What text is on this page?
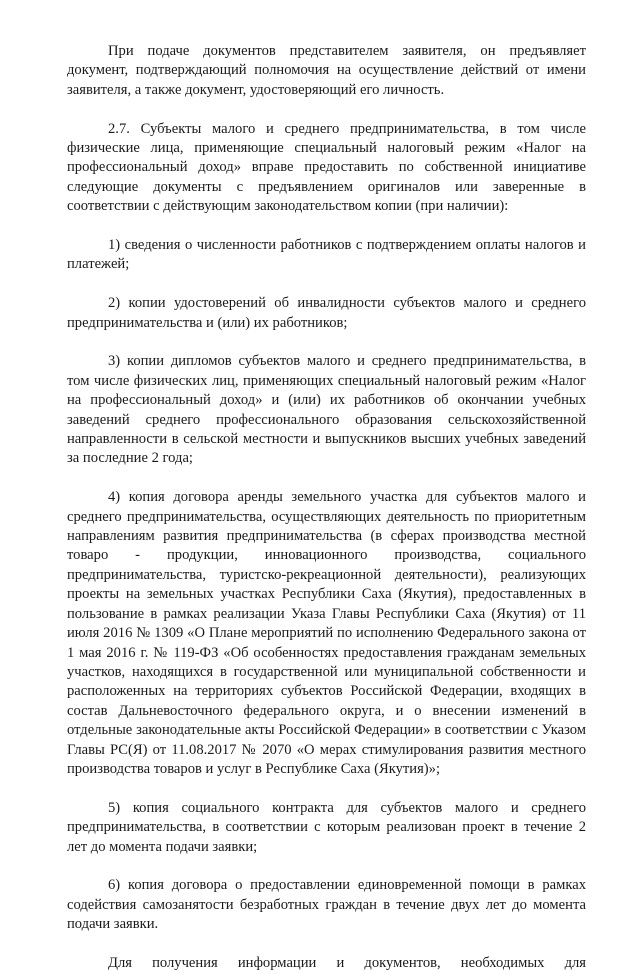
При подаче документов представителем заявителя, он предъявляет документ, подтверждающий полномочия на осуществление действий от имени заявителя, а также документ, удостоверяющий его личность.

2.7. Субъекты малого и среднего предпринимательства, в том числе физические лица, применяющие специальный налоговый режим «Налог на профессиональный доход» вправе предоставить по собственной инициативе следующие документы с предъявлением оригиналов или заверенные в соответствии с действующим законодательством копии (при наличии):

1) сведения о численности работников с подтверждением оплаты налогов и платежей;

2) копии удостоверений об инвалидности субъектов малого и среднего предпринимательства и (или) их работников;

3) копии дипломов субъектов малого и среднего предпринимательства, в том числе физических лиц, применяющих специальный налоговый режим «Налог на профессиональный доход» и (или) их работников об окончании учебных заведений среднего профессионального образования сельскохозяйственной направленности в сельской местности и выпускников высших учебных заведений за последние 2 года;

4) копия договора аренды земельного участка для субъектов малого и среднего предпринимательства, осуществляющих деятельность по приоритетным направлениям развития предпринимательства (в сферах производства местной товаро - продукции, инновационного производства, социального предпринимательства, туристско-рекреационной деятельности), реализующих проекты на земельных участках Республики Саха (Якутия), предоставленных в пользование в рамках реализации Указа Главы Республики Саха (Якутия) от 11 июля 2016 № 1309 «О Плане мероприятий по исполнению Федерального закона от 1 мая 2016 г. № 119-ФЗ «Об особенностях предоставления гражданам земельных участков, находящихся в государственной или муниципальной собственности и расположенных на территориях субъектов Российской Федерации, входящих в состав Дальневосточного федерального округа, и о внесении изменений в отдельные законодательные акты Российской Федерации» в соответствии с Указом Главы РС(Я) от 11.08.2017 № 2070 «О мерах стимулирования развития местного производства товаров и услуг в Республике Саха (Якутия)»;

5) копия социального контракта для субъектов малого и среднего предпринимательства, в соответствии с которым реализован проект в течение 2 лет до момента подачи заявки;

6) копия договора о предоставлении единовременной помощи в рамках содействия самозанятости безработных граждан в течение двух лет до момента подачи заявки.

Для получения информации и документов, необходимых для
